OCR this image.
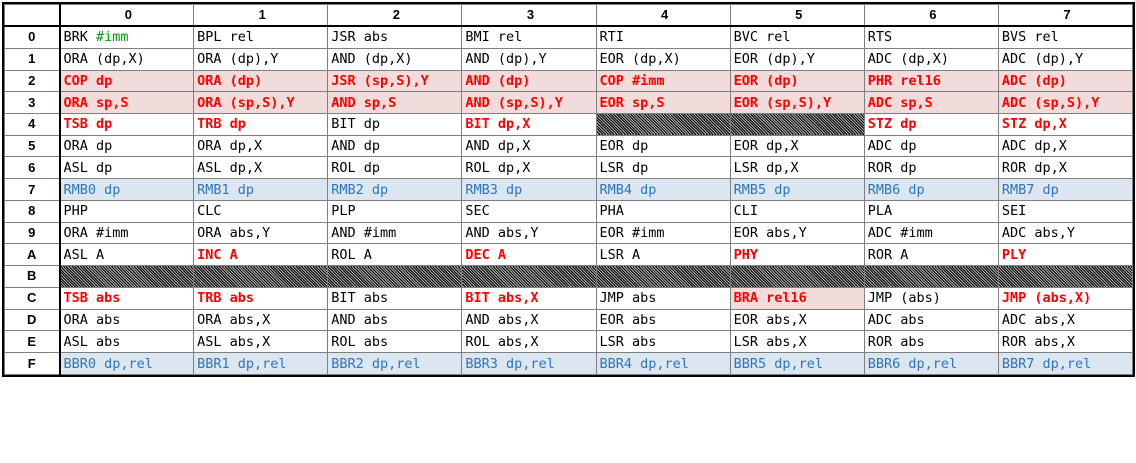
	0	1	2	3	4	5	6	7
0	BRK #imm	BPL rel	JSR abs	BMI rel	RTI	BVC rel	RTS	BVS rel
1	ORA (dp,X)	ORA (dp),Y	AND (dp,X)	AND (dp),Y	EOR (dp,X)	EOR (dp),Y	ADC (dp,X)	ADC (dp),Y
2	COP dp	ORA (dp)	JSR (sp,S),Y	AND (dp)	COP #imm	EOR (dp)	PHR rel16	ADC (dp)
3	ORA sp,S	ORA (sp,S),Y	AND sp,S	AND (sp,S),Y	EOR sp,S	EOR (sp,S),Y	ADC sp,S	ADC (sp,S),Y
4	TSB dp	TRB dp	BIT dp	BIT dp,X			STZ dp	STZ dp,X
5	ORA dp	ORA dp,X	AND dp	AND dp,X	EOR dp	EOR dp,X	ADC dp	ADC dp,X
6	ASL dp	ASL dp,X	ROL dp	ROL dp,X	LSR dp	LSR dp,X	ROR dp	ROR dp,X
7	RMB0 dp	RMB1 dp	RMB2 dp	RMB3 dp	RMB4 dp	RMB5 dp	RMB6 dp	RMB7 dp
8	PHP	CLC	PLP	SEC	PHA	CLI	PLA	SEI
9	ORA #imm	ORA abs,Y	AND #imm	AND abs,Y	EOR #imm	EOR abs,Y	ADC #imm	ADC abs,Y
A	ASL A	INC A	ROL A	DEC A	LSR A	PHY	ROR A	PLY
B								
C	TSB abs	TRB abs	BIT abs	BIT abs,X	JMP abs	BRA rel16	JMP (abs)	JMP (abs,X)
D	ORA abs	ORA abs,X	AND abs	AND abs,X	EOR abs	EOR abs,X	ADC abs	ADC abs,X
E	ASL abs	ASL abs,X	ROL abs	ROL abs,X	LSR abs	LSR abs,X	ROR abs	ROR abs,X
F	BBR0 dp,rel	BBR1 dp,rel	BBR2 dp,rel	BBR3 dp,rel	BBR4 dp,rel	BBR5 dp,rel	BBR6 dp,rel	BBR7 dp,rel
